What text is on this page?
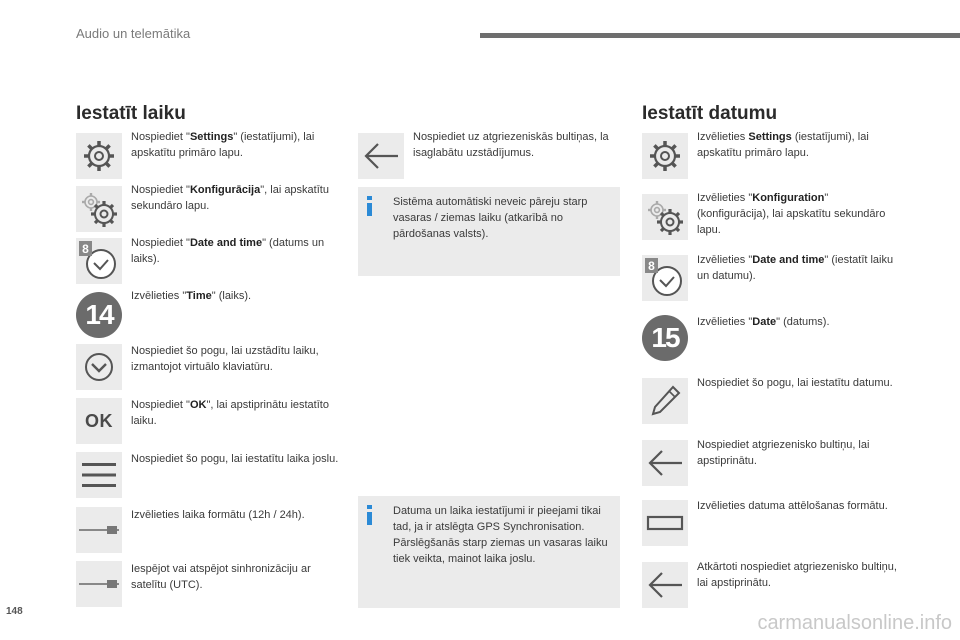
Audio un telemātika
Iestatīt laiku
Nospiediet "Settings" (iestatījumi), lai apskatītu primāro lapu.
Nospiediet "Konfigurācija", lai apskatītu sekundāro lapu.
8	Nospiediet "Date and time" (datums un laiks).
14
Izvēlieties "Time" (laiks).
Nospiediet šo pogu, lai uzstādītu laiku, izmantojot virtuālo klaviatūru.
OK
Nospiediet "OK", lai apstiprinātu iestatīto laiku.
Nospiediet šo pogu, lai iestatītu laika joslu.
Izvēlieties laika formātu (12h / 24h).
Iespējot vai atspējot sinhronizāciju ar satelītu (UTC).
Nospiediet uz atgriezeniskās bultiņas, la isaglabātu uzstādījumus.
Sistēma automātiski neveic pāreju starp vasaras / ziemas laiku (atkarībā no pārdošanas valsts).
Datuma un laika iestatījumi ir pieejami tikai tad, ja ir atslēgta GPS Synchronisation.
Pārslēgšanās starp ziemas un vasaras laiku tiek veikta, mainot laika joslu.
Iestatīt datumu
Izvēlieties Settings (iestatījumi), lai apskatītu primāro lapu.
Izvēlieties "Konfiguration" (konfigurācija), lai apskatītu sekundāro lapu.
8	Izvēlieties "Date and time" (iestatīt laiku un datumu).
15	Izvēlieties "Date" (datums).
Nospiediet šo pogu, lai iestatītu datumu.
Nospiediet atgriezenisko bultiņu, lai apstiprinātu.
Izvēlieties datuma attēlošanas formātu.
Atkārtoti nospiediet atgriezenisko bultiņu, lai apstiprinātu.
148
carmanualsonline.info
